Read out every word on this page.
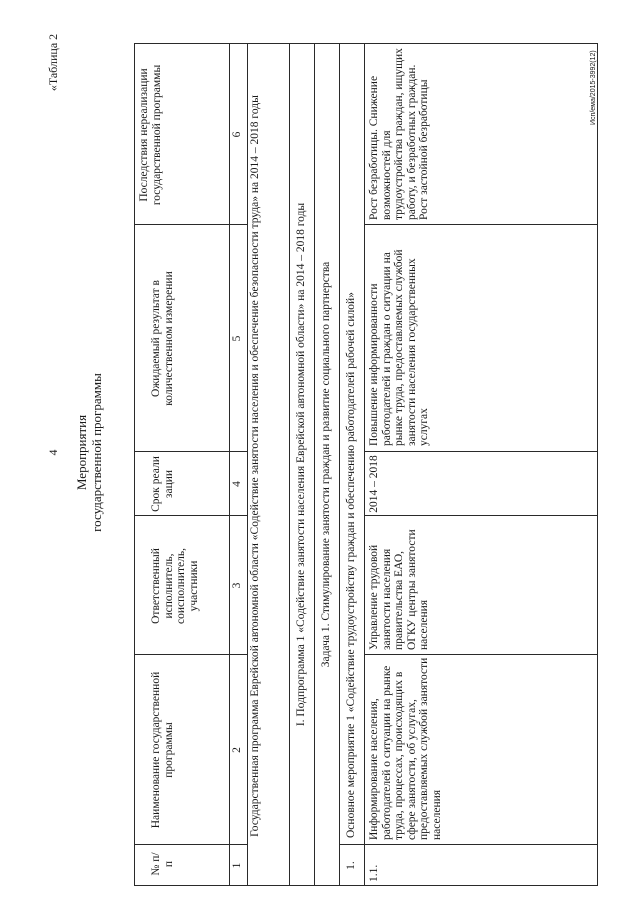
4 Мероприятия государственной программы
«Таблица 2
№ п/п
Наименование государственной программы
Ответственный исполнитель, соисполнитель, участники
Срок реализации
Ожидаемый результат в количественном измерении
Последствия нереализации государственной программы
1
2
3
4
5
6 Государственная программа Еврейской автономной области «Содействие занятости населения и обеспечение безопасности труда» на 2014 – 2018 годы	I. Подпрограмма 1 «Содействие занятости населения Еврейской автономной области» на 2014 – 2018 годы Задача 1. Стимулирование занятости граждан и развитие социального партнерства
1.
Основное мероприятие 1 «Содействие трудоустройству граждан и обеспечению работодателей рабочей силой»
1.1.
Информирование населения, работодателей о ситуации на рынке труда, процессах, происходящих в сфере занятости, об услугах, предоставляемых службой занятости населения
Управление трудовой занятости населения правительства ЕАО, ОГКУ центры занятости населения
2014 – 2018
Повышение информированности работодателей и граждан о ситуации на рынке труда, предоставляемых службой занятости населения государственных услугах
Рост безработицы. Снижение возможностей для трудоустройства граждан, ищущих работу, и безработных граждан. Рост застойной безработицы	Исп/ема/2015-3992(12)
